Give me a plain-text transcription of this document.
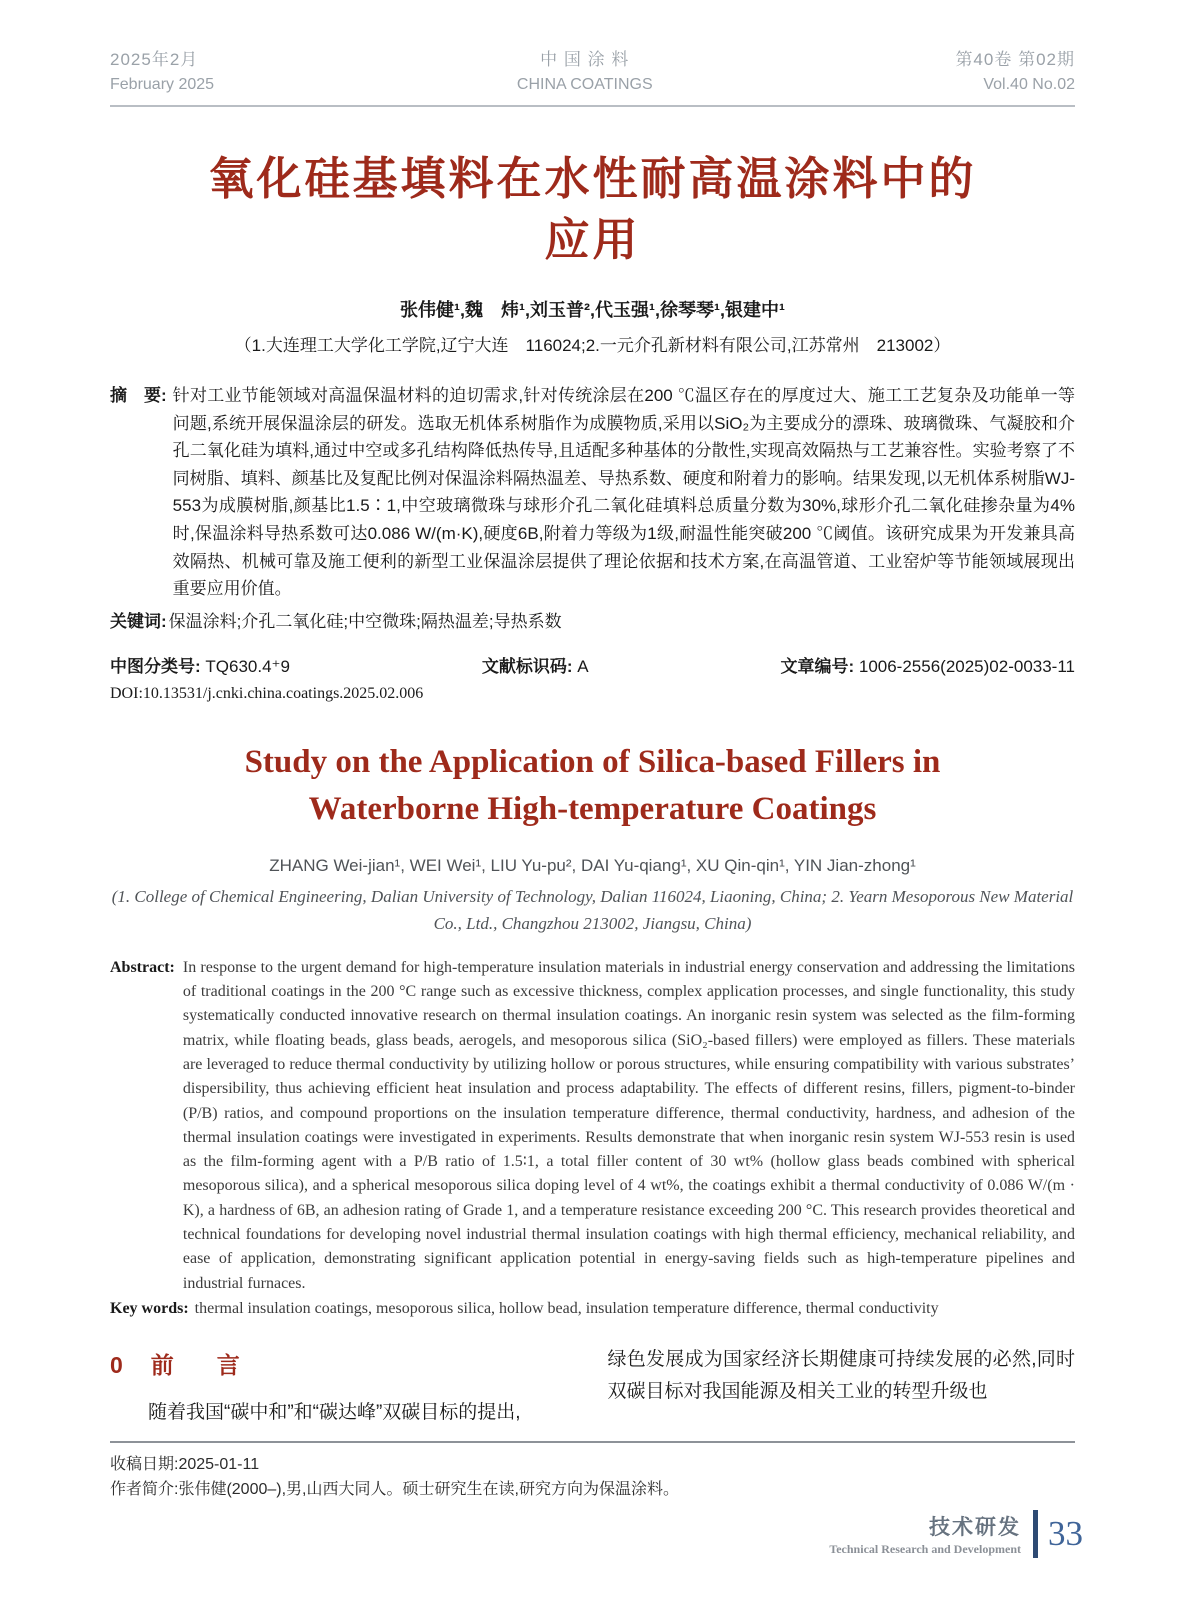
2025年2月
February 2025
中 国 涂 料
CHINA COATINGS
第40卷 第02期
Vol.40 No.02
氧化硅基填料在水性耐高温涂料中的
应用
张伟健¹,魏　炜¹,刘玉普²,代玉强¹,徐琴琴¹,银建中¹
（1.大连理工大学化工学院,辽宁大连　116024;2.一元介孔新材料有限公司,江苏常州　213002）
摘　要: 针对工业节能领域对高温保温材料的迫切需求,针对传统涂层在200 ℃温区存在的厚度过大、施工工艺复杂及功能单一等问题,系统开展保温涂层的研发。选取无机体系树脂作为成膜物质,采用以SiO₂为主要成分的漂珠、玻璃微珠、气凝胶和介孔二氧化硅为填料,通过中空或多孔结构降低热传导,且适配多种基体的分散性,实现高效隔热与工艺兼容性。实验考察了不同树脂、填料、颜基比及复配比例对保温涂料隔热温差、导热系数、硬度和附着力的影响。结果发现,以无机体系树脂WJ-553为成膜树脂,颜基比1.5∶1,中空玻璃微珠与球形介孔二氧化硅填料总质量分数为30%,球形介孔二氧化硅掺杂量为4%时,保温涂料导热系数可达0.086 W/(m·K),硬度6B,附着力等级为1级,耐温性能突破200 ℃阈值。该研究成果为开发兼具高效隔热、机械可靠及施工便利的新型工业保温涂层提供了理论依据和技术方案,在高温管道、工业窑炉等节能领域展现出重要应用价值。
关键词: 保温涂料;介孔二氧化硅;中空微珠;隔热温差;导热系数
中图分类号: TQ630.4⁺9	文献标识码: A	文章编号: 1006-2556(2025)02-0033-11
DOI:10.13531/j.cnki.china.coatings.2025.02.006
Study on the Application of Silica-based Fillers in
Waterborne High-temperature Coatings
ZHANG Wei-jian¹, WEI Wei¹, LIU Yu-pu², DAI Yu-qiang¹, XU Qin-qin¹, YIN Jian-zhong¹
(1. College of Chemical Engineering, Dalian University of Technology, Dalian 116024, Liaoning, China; 2. Yearn Mesoporous New Material Co., Ltd., Changzhou 213002, Jiangsu, China)
Abstract: In response to the urgent demand for high-temperature insulation materials in industrial energy conservation and addressing the limitations of traditional coatings in the 200 °C range such as excessive thickness, complex application processes, and single functionality, this study systematically conducted innovative research on thermal insulation coatings. An inorganic resin system was selected as the film-forming matrix, while floating beads, glass beads, aerogels, and mesoporous silica (SiO₂-based fillers) were employed as fillers. These materials are leveraged to reduce thermal conductivity by utilizing hollow or porous structures, while ensuring compatibility with various substrates’ dispersibility, thus achieving efficient heat insulation and process adaptability. The effects of different resins, fillers, pigment-to-binder (P/B) ratios, and compound proportions on the insulation temperature difference, thermal conductivity, hardness, and adhesion of the thermal insulation coatings were investigated in experiments. Results demonstrate that when inorganic resin system WJ-553 resin is used as the film-forming agent with a P/B ratio of 1.5∶1, a total filler content of 30 wt% (hollow glass beads combined with spherical mesoporous silica), and a spherical mesoporous silica doping level of 4 wt%, the coatings exhibit a thermal conductivity of 0.086 W/(m · K), a hardness of 6B, an adhesion rating of Grade 1, and a temperature resistance exceeding 200 °C. This research provides theoretical and technical foundations for developing novel industrial thermal insulation coatings with high thermal efficiency, mechanical reliability, and ease of application, demonstrating significant application potential in energy-saving fields such as high-temperature pipelines and industrial furnaces.
Key words: thermal insulation coatings, mesoporous silica, hollow bead, insulation temperature difference, thermal conductivity
0 前　言
随着我国“碳中和”和“碳达峰”双碳目标的提出,
绿色发展成为国家经济长期健康可持续发展的必然,同时双碳目标对我国能源及相关工业的转型升级也
收稿日期:2025-01-11
作者简介:张伟健(2000–),男,山西大同人。硕士研究生在读,研究方向为保温涂料。
技术研发
Technical Research and Development 33
